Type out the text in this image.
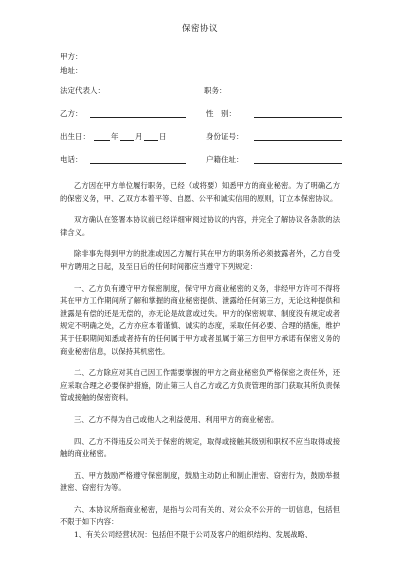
保密协议
甲方：
地址：
法定代表人：	职务：
乙方：	性　别：
出生日：	年 月 日	身份证号：
电话：	户籍住址：

乙方因在甲方单位履行职务，已经（或将要）知悉甲方的商业秘密。为了明确乙方的保密义务，甲、乙双方本着平等、自愿、公平和诚实信用的原则，订立本保密协议。

双方确认在签署本协议前已经详细审阅过协议的内容，并完全了解协议各条款的法律含义。

除非事先得到甲方的批准或因乙方履行其在甲方的职务所必须披露者外，乙方自受甲方聘用之日起，及至日后的任何时间都应当遵守下列规定：

一、乙方负有遵守甲方保密制度，保守甲方商业秘密的义务，非经甲方许可不得将其在甲方工作期间所了解和掌握的商业秘密提供、泄露给任何第三方，无论这种提供和泄露是有偿的还是无偿的，亦无论是故意或过失。甲方的保密规章、制度没有规定或者规定不明确之处，乙方亦应本着谨慎、诚实的态度，采取任何必要、合理的措施，维护其于任职期间知悉或者持有的任何属于甲方或者虽属于第三方但甲方承诺有保密义务的商业秘密信息，以保持其机密性。

二、乙方除应对其自己因工作需要掌握的甲方之商业秘密负严格保密之责任外，还应采取合理之必要保护措施，防止第三人自乙方或乙方负责管理的部门获取其所负责保管或接触的保密资料。

三、乙方不得为自己或他人之利益使用、利用甲方的商业秘密。

四、乙方不得违反公司关于保密的规定，取得或接触其级别和职权不应当取得或接触的商业秘密。

五、甲方鼓励严格遵守保密制度，鼓励主动防止和制止泄密、窃密行为，鼓励举报泄密、窃密行为等。

六、本协议所指商业秘密，是指与公司有关的、对公众不公开的一切信息，包括但不限于如下内容：

1、有关公司经营状况：包括但不限于公司及客户的组织结构、发展战略、
